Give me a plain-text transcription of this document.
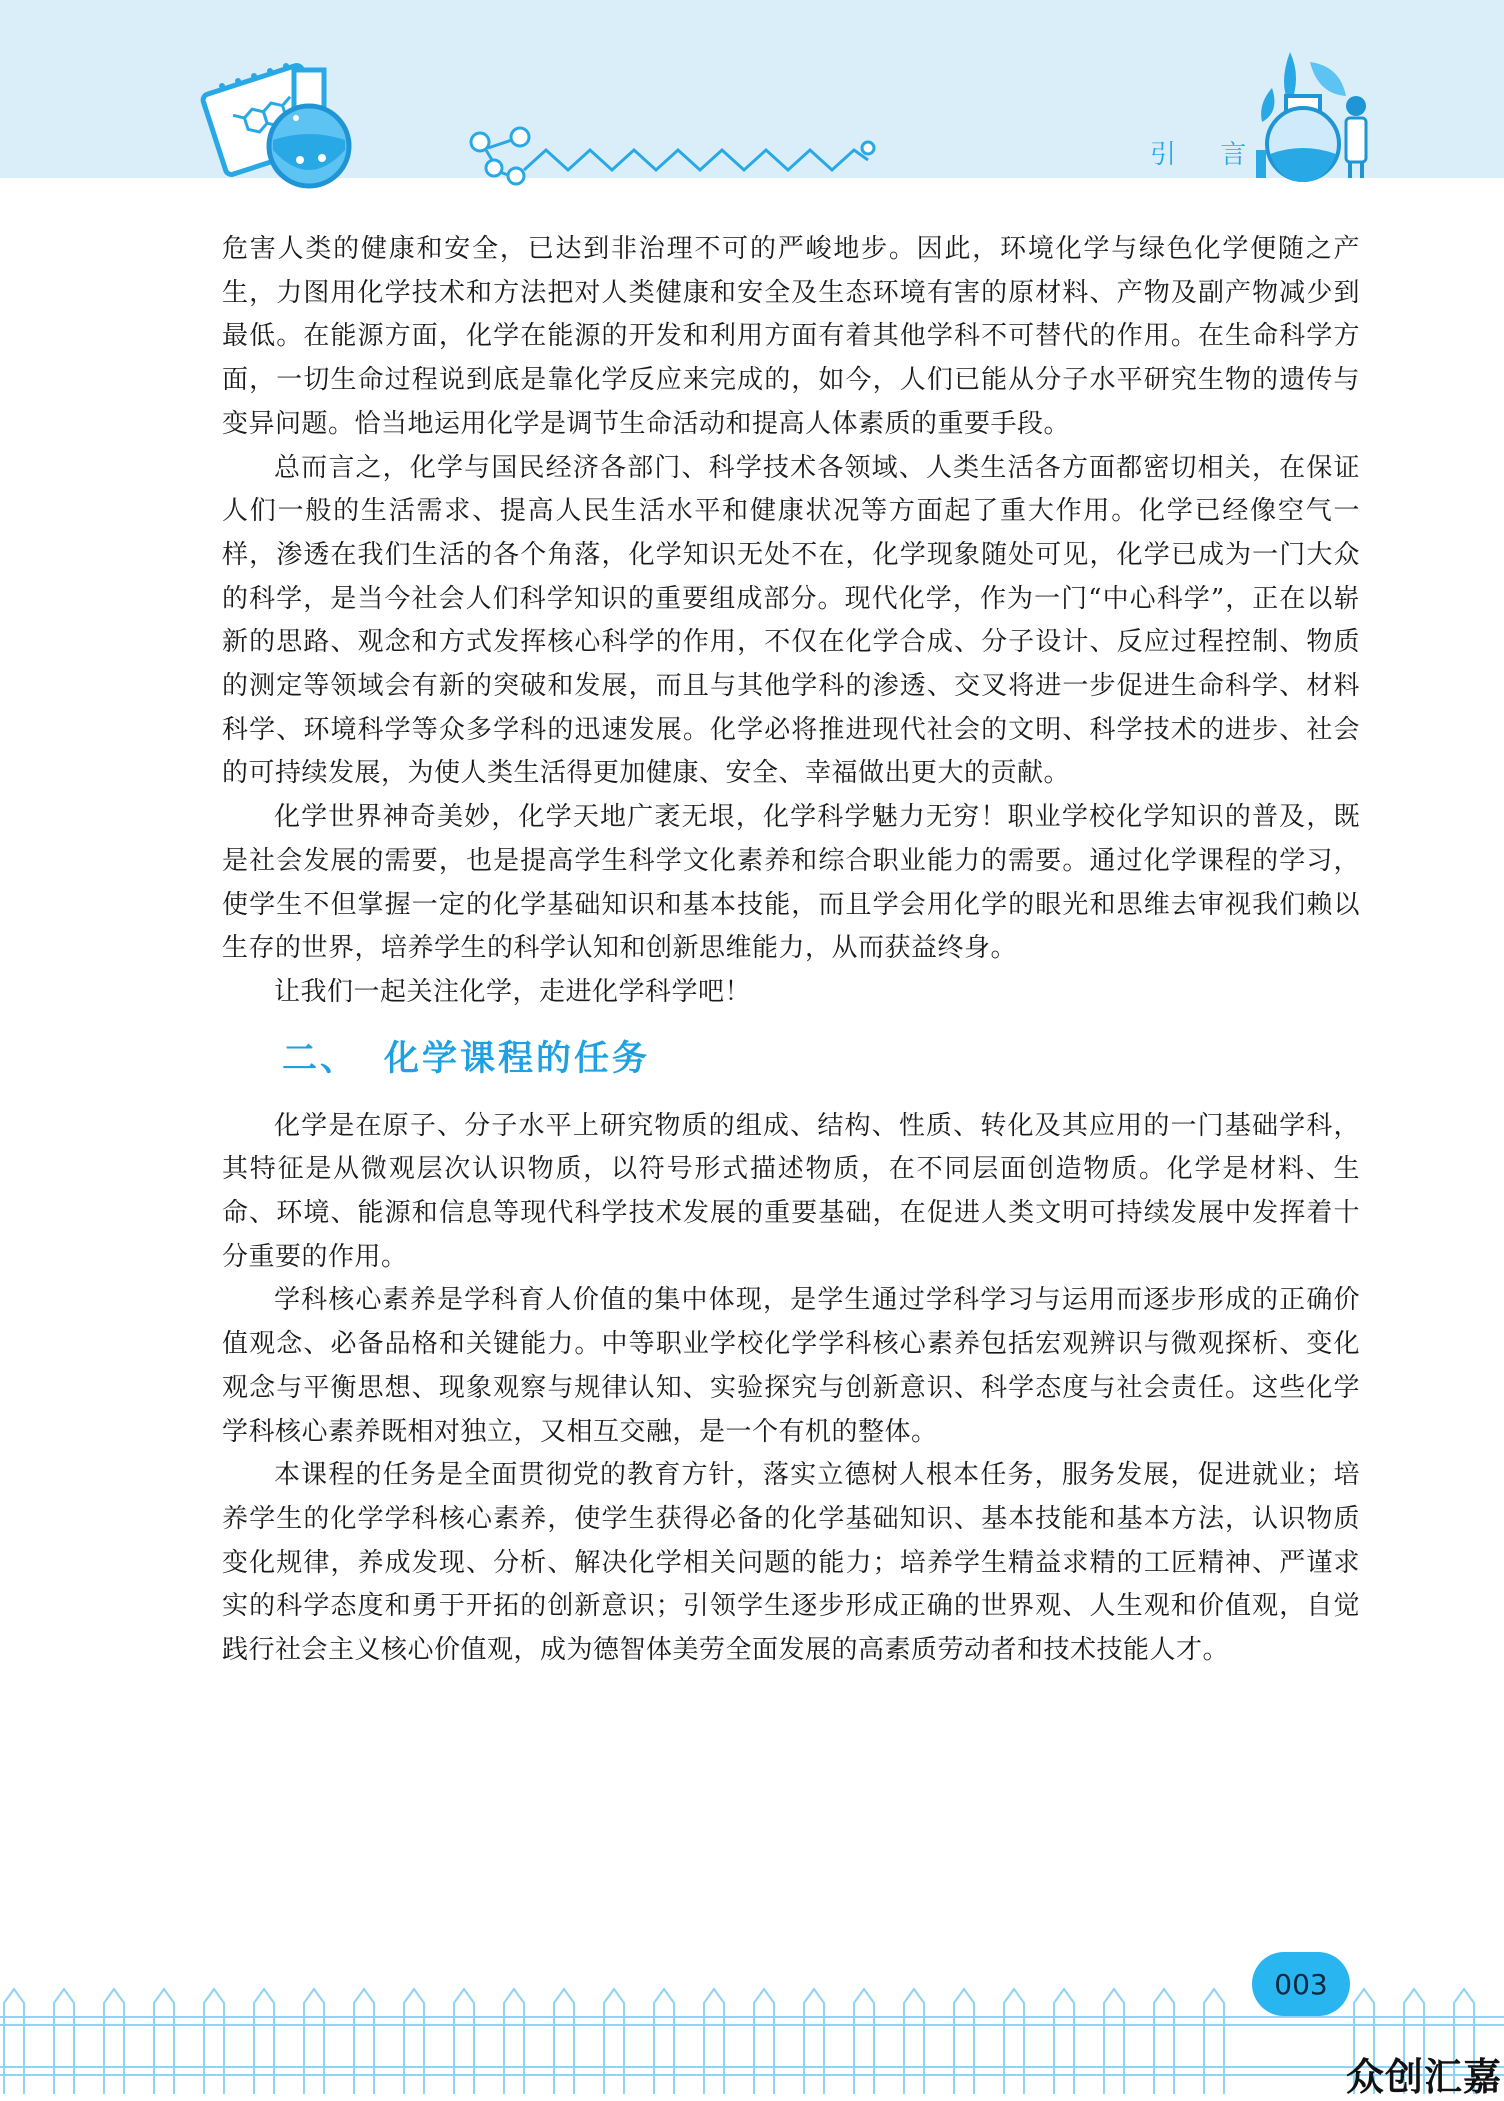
引 言

危害人类的健康和安全，已达到非治理不可的严峻地步。因此，环境化学与绿色化学便随之产生，力图用化学技术和方法把对人类健康和安全及生态环境有害的原材料、产物及副产物减少到最低。在能源方面，化学在能源的开发和利用方面有着其他学科不可替代的作用。在生命科学方面，一切生命过程说到底是靠化学反应来完成的，如今，人们已能从分子水平研究生物的遗传与变异问题。恰当地运用化学是调节生命活动和提高人体素质的重要手段。

总而言之，化学与国民经济各部门、科学技术各领域、人类生活各方面都密切相关，在保证人们一般的生活需求、提高人民生活水平和健康状况等方面起了重大作用。化学已经像空气一样，渗透在我们生活的各个角落，化学知识无处不在，化学现象随处可见，化学已成为一门大众的科学，是当今社会人们科学知识的重要组成部分。现代化学，作为一门“中心科学”，正在以崭新的思路、观念和方式发挥核心科学的作用，不仅在化学合成、分子设计、反应过程控制、物质的测定等领域会有新的突破和发展，而且与其他学科的渗透、交叉将进一步促进生命科学、材料科学、环境科学等众多学科的迅速发展。化学必将推进现代社会的文明、科学技术的进步、社会的可持续发展，为使人类生活得更加健康、安全、幸福做出更大的贡献。

化学世界神奇美妙，化学天地广袤无垠，化学科学魅力无穷！职业学校化学知识的普及，既是社会发展的需要，也是提高学生科学文化素养和综合职业能力的需要。通过化学课程的学习，使学生不但掌握一定的化学基础知识和基本技能，而且学会用化学的眼光和思维去审视我们赖以生存的世界，培养学生的科学认知和创新思维能力，从而获益终身。

让我们一起关注化学，走进化学科学吧！

二、 化学课程的任务

化学是在原子、分子水平上研究物质的组成、结构、性质、转化及其应用的一门基础学科，其特征是从微观层次认识物质，以符号形式描述物质，在不同层面创造物质。化学是材料、生命、环境、能源和信息等现代科学技术发展的重要基础，在促进人类文明可持续发展中发挥着十分重要的作用。

学科核心素养是学科育人价值的集中体现，是学生通过学科学习与运用而逐步形成的正确价值观念、必备品格和关键能力。中等职业学校化学学科核心素养包括宏观辨识与微观探析、变化观念与平衡思想、现象观察与规律认知、实验探究与创新意识、科学态度与社会责任。这些化学学科核心素养既相对独立，又相互交融，是一个有机的整体。

本课程的任务是全面贯彻党的教育方针，落实立德树人根本任务，服务发展，促进就业；培养学生的化学学科核心素养，使学生获得必备的化学基础知识、基本技能和基本方法，认识物质变化规律，养成发现、分析、解决化学相关问题的能力；培养学生精益求精的工匠精神、严谨求实的科学态度和勇于开拓的创新意识；引领学生逐步形成正确的世界观、人生观和价值观，自觉践行社会主义核心价值观，成为德智体美劳全面发展的高素质劳动者和技术技能人才。

003
众创汇嘉
